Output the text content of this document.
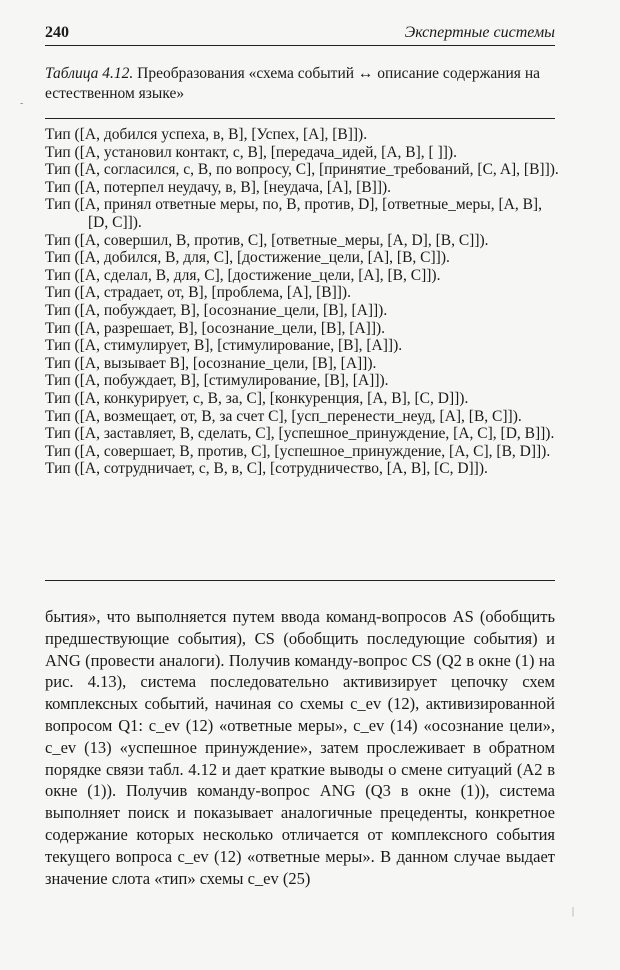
240	Экспертные системы
Таблица 4.12. Преобразования «схема событий ↔ описание содержания на естественном языке»
Тип ([A, добился успеха, в, B], [Успех, [A], [B]]).
Тип ([A, установил контакт, с, B], [передача_идей, [A, B], [ ]]).
Тип ([A, согласился, с, B, по вопросу, C], [принятие_требований, [C, A], [B]]).
Тип ([A, потерпел неудачу, в, B], [неудача, [A], [B]]).
Тип ([A, принял ответные меры, по, B, против, D], [ответные_меры, [A, B], [D, C]]).
Тип ([A, совершил, B, против, C], [ответные_меры, [A, D], [B, C]]).
Тип ([A, добился, B, для, C], [достижение_цели, [A], [B, C]]).
Тип ([A, сделал, B, для, C], [достижение_цели, [A], [B, C]]).
Тип ([A, страдает, от, B], [проблема, [A], [B]]).
Тип ([A, побуждает, B], [осознание_цели, [B], [A]]).
Тип ([A, разрешает, B], [осознание_цели, [B], [A]]).
Тип ([A, стимулирует, B], [стимулирование, [B], [A]]).
Тип ([A, вызывает B], [осознание_цели, [B], [A]]).
Тип ([A, побуждает, B], [стимулирование, [B], [A]]).
Тип ([A, конкурирует, с, B, за, C], [конкуренция, [A, B], [C, D]]).
Тип ([A, возмещает, от, B, за счет C], [усп_перенести_неуд, [A], [B, C]]).
Тип ([A, заставляет, B, сделать, C], [успешное_принуждение, [A, C], [D, B]]).
Тип ([A, совершает, B, против, C], [успешное_принуждение, [A, C], [B, D]]).
Тип ([A, сотрудничает, с, B, в, C], [сотрудничество, [A, B], [C, D]]).

бытия», что выполняется путем ввода команд-вопросов AS (обобщить предшествующие события), CS (обобщить последующие события) и ANG (провести аналоги). Получив команду-вопрос CS (Q2 в окне (1) на рис. 4.13), система последовательно активизирует цепочку схем комплексных событий, начиная со схемы c_ev (12), активизированной вопросом Q1: c_ev (12) «ответные меры», c_ev (14) «осознание цели», c_ev (13) «успешное принуждение», затем прослеживает в обратном порядке связи табл. 4.12 и дает краткие выводы о смене ситуаций (A2 в окне (1)). Получив команду-вопрос ANG (Q3 в окне (1)), система выполняет поиск и показывает аналогичные прецеденты, конкретное содержание которых несколько отличается от комплексного события текущего вопроса c_ev (12) «ответные меры». В данном случае выдает значение слота «тип» схемы c_ev (25)

-
|
